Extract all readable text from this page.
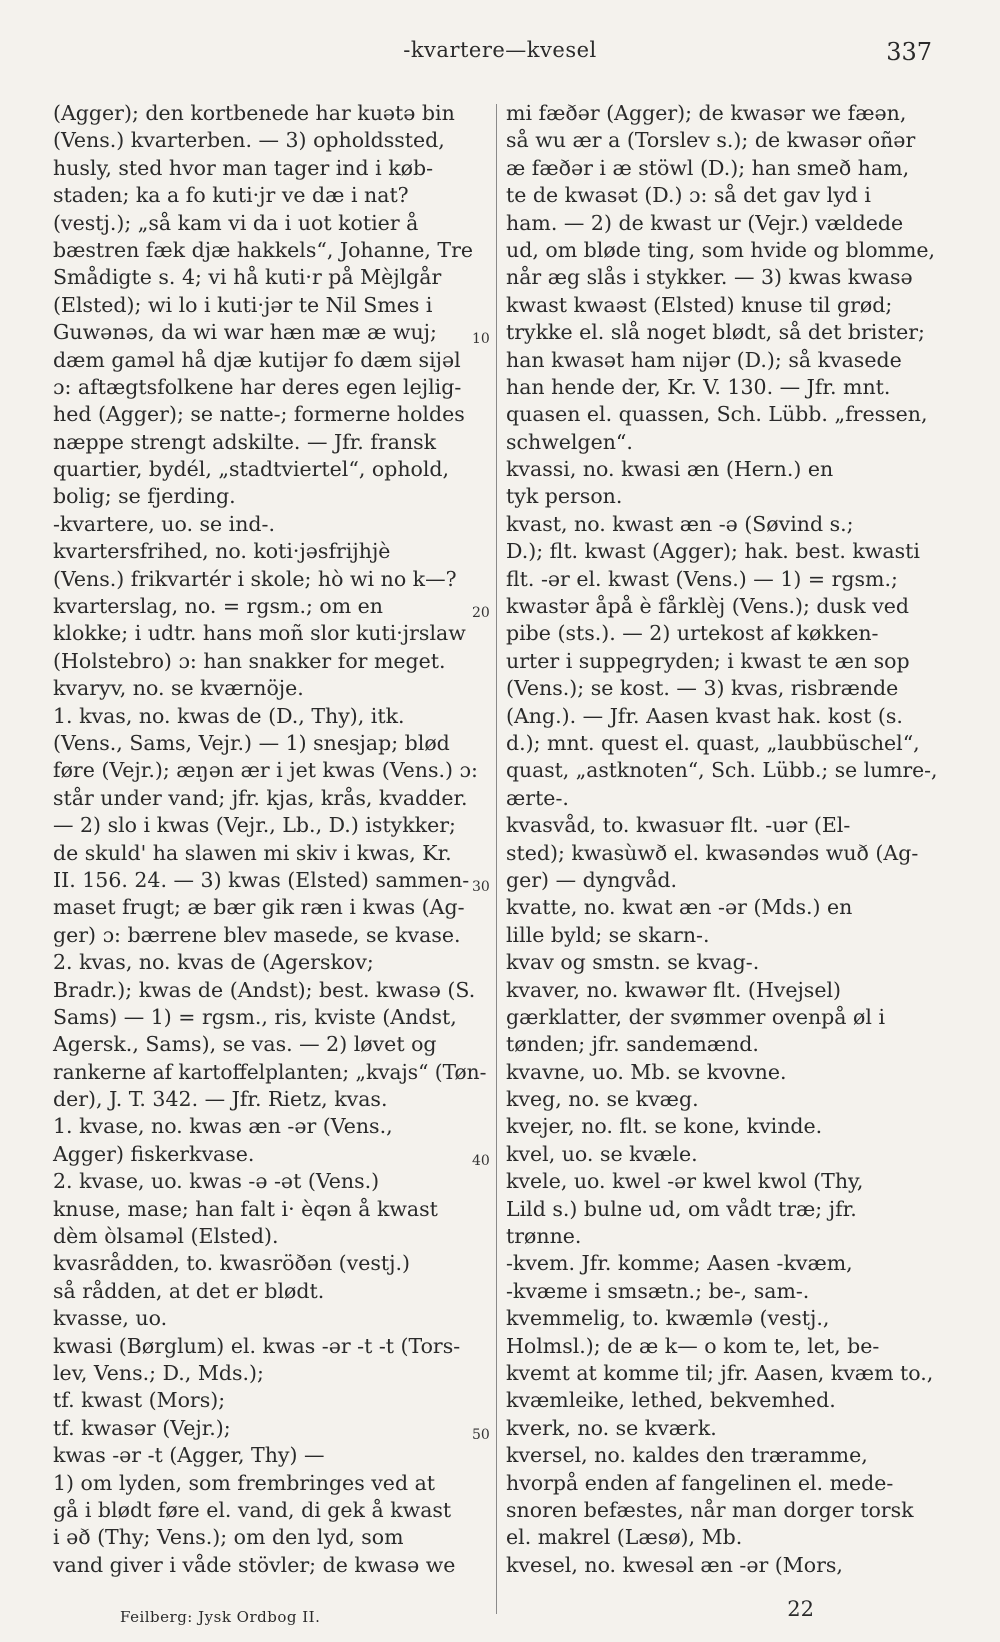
-kvartere—kvesel	337
(Agger); den kortbenede har kuətə bin
(Vens.) kvarterben. — 3) opholdssted,
husly, sted hvor man tager ind i køb-
staden; ka a fo kuti·jr ve dæ i nat?
(vestj.); „så kam vi da i uot kotier å
bæstren fæk djæ hakkels“, Johanne, Tre
Smådigte s. 4; vi hå kuti·r på Mèjlgår
(Elsted); wi lo i kuti·jər te Nil Smes i
Guwənəs, da wi war hæn mæ æ wuj;
dæm gaməl hå djæ kutijər fo dæm sijəl
ɔ: aftægtsfolkene har deres egen lejlig-
hed (Agger); se natte-; formerne holdes
næppe strengt adskilte. — Jfr. fransk
quartier, bydél, „stadtviertel“, ophold,
bolig; se fjerding.
-kvartere, uo. se ind-.
kvartersfrihed, no. koti·jəsfrijhjè
(Vens.) frikvartér i skole; hò wi no k—?
kvarterslag, no. = rgsm.; om en
klokke; i udtr. hans moñ slor kuti·jrslaw
(Holstebro) ɔ: han snakker for meget.
kvaryv, no. se kværnöje.
1. kvas, no. kwas de (D., Thy), itk.
(Vens., Sams, Vejr.) — 1) snesjap; blød
føre (Vejr.); æŋən ær i jet kwas (Vens.) ɔ:
står under vand; jfr. kjas, krås, kvadder.
— 2) slo i kwas (Vejr., Lb., D.) istykker;
de skuld' ha slawen mi skiv i kwas, Kr.
II. 156. 24. — 3) kwas (Elsted) sammen-
maset frugt; æ bær gik ræn i kwas (Ag-
ger) ɔ: bærrene blev masede, se kvase.
2. kvas, no. kvas de (Agerskov;
Bradr.); kwas de (Andst); best. kwasə (S.
Sams) — 1) = rgsm., ris, kviste (Andst,
Agersk., Sams), se vas. — 2) løvet og
rankerne af kartoffelplanten; „kvajs“ (Tøn-
der), J. T. 342. — Jfr. Rietz, kvas.
1. kvase, no. kwas æn -ər (Vens.,
Agger) fiskerkvase.
2. kvase, uo. kwas -ə -ət (Vens.)
knuse, mase; han falt i· èqən å kwast
dèm òlsaməl (Elsted).
kvasrådden, to. kwasröðən (vestj.)
så rådden, at det er blødt.
kvasse, uo.
kwasi (Børglum) el. kwas -ər -t -t (Tors-
lev, Vens.; D., Mds.);
tf. kwast (Mors);
tf. kwasər (Vejr.);
kwas -ər -t (Agger, Thy) —
1) om lyden, som frembringes ved at
gå i blødt føre el. vand, di gek å kwast
i əð (Thy; Vens.); om den lyd, som
vand giver i våde stövler; de kwasə we
mi fæðər (Agger); de kwasər we fæən,
så wu ær a (Torslev s.); de kwasər oñər
æ fæðər i æ stöwl (D.); han smeð ham,
te de kwasət (D.) ɔ: så det gav lyd i
ham. — 2) de kwast ur (Vejr.) vældede
ud, om bløde ting, som hvide og blomme,
når æg slås i stykker. — 3) kwas kwasə
kwast kwaəst (Elsted) knuse til grød;
trykke el. slå noget blødt, så det brister;
han kwasət ham nijər (D.); så kvasede
han hende der, Kr. V. 130. — Jfr. mnt.
quasen el. quassen, Sch. Lübb. „fressen,
schwelgen“.
kvassi, no. kwasi æn (Hern.) en
tyk person.
kvast, no. kwast æn -ə (Søvind s.;
D.); flt. kwast (Agger); hak. best. kwasti
flt. -ər el. kwast (Vens.) — 1) = rgsm.;
kwastər åpå è fårklèj (Vens.); dusk ved
pibe (sts.). — 2) urtekost af køkken-
urter i suppegryden; i kwast te æn sop
(Vens.); se kost. — 3) kvas, risbrænde
(Ang.). — Jfr. Aasen kvast hak. kost (s.
d.); mnt. quest el. quast, „laubbüschel“,
quast, „astknoten“, Sch. Lübb.; se lumre-,
ærte-.
kvasvåd, to. kwasuər flt. -uər (El-
sted); kwasùwð el. kwasəndəs wuð (Ag-
ger) — dyngvåd.
kvatte, no. kwat æn -ər (Mds.) en
lille byld; se skarn-.
kvav og smstn. se kvag-.
kvaver, no. kwawər flt. (Hvejsel)
gærklatter, der svømmer ovenpå øl i
tønden; jfr. sandemænd.
kvavne, uo. Mb. se kvovne.
kveg, no. se kvæg.
kvejer, no. flt. se kone, kvinde.
kvel, uo. se kvæle.
kvele, uo. kwel -ər kwel kwol (Thy,
Lild s.) bulne ud, om vådt træ; jfr.
trønne.
-kvem. Jfr. komme; Aasen -kvæm,
-kvæme i smsætn.; be-, sam-.
kvemmelig, to. kwæmlə (vestj.,
Holmsl.); de æ k— o kom te, let, be-
kvemt at komme til; jfr. Aasen, kvæm to.,
kvæmleike, lethed, bekvemhed.
kverk, no. se kværk.
kversel, no. kaldes den træramme,
hvorpå enden af fangelinen el. mede-
snoren befæstes, når man dorger torsk
el. makrel (Læsø), Mb.
kvesel, no. kwesəl æn -ər (Mors,
10
20
30
40
50
Feilberg: Jysk Ordbog II.	22
